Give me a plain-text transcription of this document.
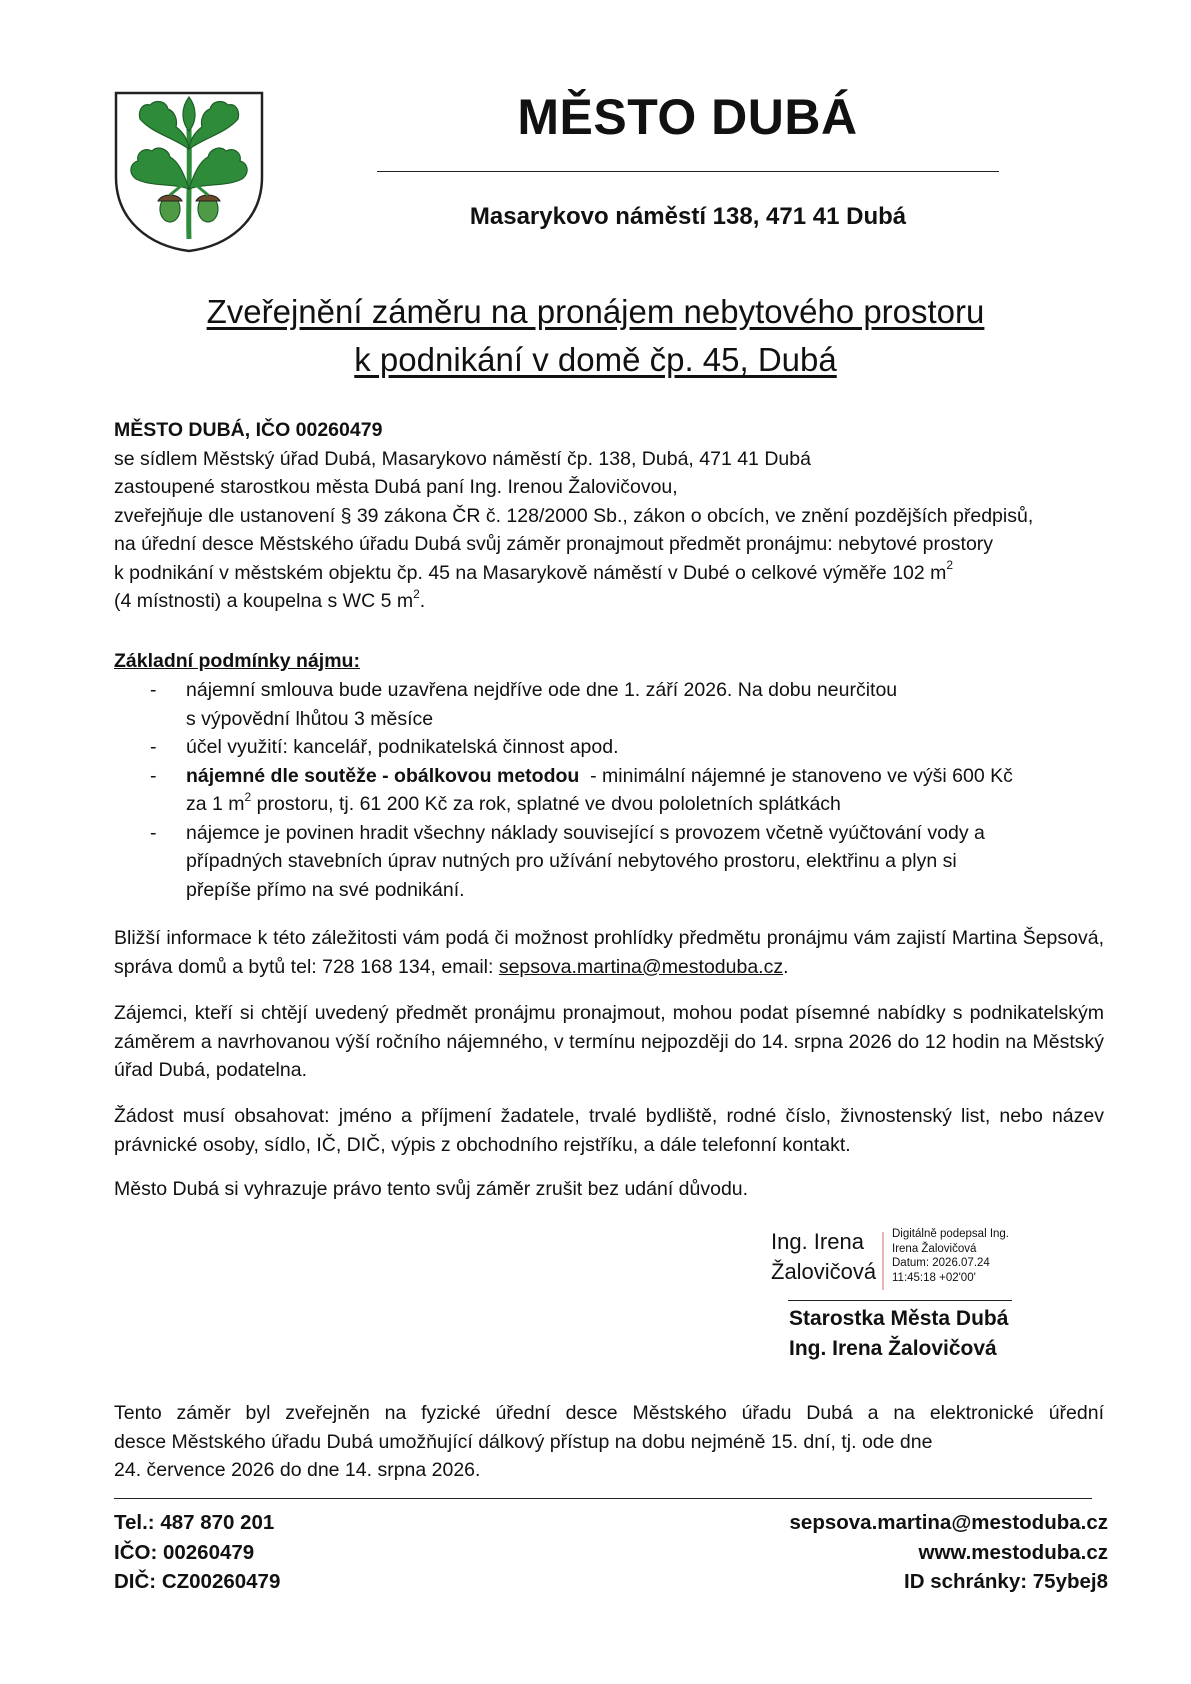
MĚSTO DUBÁ
Masarykovo náměstí 138, 471 41 Dubá
Zveřejnění záměru na pronájem nebytového prostoru
k podnikání v domě čp. 45, Dubá
MĚSTO DUBÁ, IČO 00260479
se sídlem Městský úřad Dubá, Masarykovo náměstí čp. 138, Dubá, 471 41 Dubá
zastoupené starostkou města Dubá paní Ing. Irenou Žalovičovou,
zveřejňuje dle ustanovení § 39 zákona ČR č. 128/2000 Sb., zákon o obcích, ve znění pozdějších předpisů,
na úřední desce Městského úřadu Dubá svůj záměr pronajmout předmět pronájmu: nebytové prostory
k podnikání v městském objektu čp. 45 na Masarykově náměstí v Dubé o celkové výměře 102 $m^2$
(4 místnosti) a koupelna s WC 5 $m^2$.
Základní podmínky nájmu:
- nájemní smlouva bude uzavřena nejdříve ode dne 1. září 2026. Na dobu neurčitou
s výpovědní lhůtou 3 měsíce
- účel využití: kancelář, podnikatelská činnost apod.
- nájemné dle soutěže - obálkovou metodou  - minimální nájemné je stanoveno ve výši 600 Kč
za 1 $m^2$ prostoru, tj. 61 200 Kč za rok, splatné ve dvou pololetních splátkách
- nájemce je povinen hradit všechny náklady související s provozem včetně vyúčtování vody a
případných stavebních úprav nutných pro užívání nebytového prostoru, elektřinu a plyn si
přepíše přímo na své podnikání.
Bližší informace k této záležitosti vám podá či možnost prohlídky předmětu pronájmu vám zajistí Martina Šepsová, správa domů a bytů tel: 728 168 134, email: sepsova.martina@mestoduba.cz.
Zájemci, kteří si chtějí uvedený předmět pronájmu pronajmout, mohou podat písemné nabídky s podnikatelským záměrem a navrhovanou výší ročního nájemného, v termínu nejpozději do 14. srpna 2026 do 12 hodin na Městský úřad Dubá, podatelna.
Žádost musí obsahovat: jméno a příjmení žadatele, trvalé bydliště, rodné číslo, živnostenský list, nebo název právnické osoby, sídlo, IČ, DIČ, výpis z obchodního rejstříku, a dále telefonní kontakt.
Město Dubá si vyhrazuje právo tento svůj záměr zrušit bez udání důvodu.
Ing. Irena
Žalovičová
Digitálně podepsal Ing.
Irena Žalovičová
Datum: 2026.07.24
11:45:18 +02'00'
Starostka Města Dubá
Ing. Irena Žalovičová
Tento záměr byl zveřejněn na fyzické úřední desce Městského úřadu Dubá a na elektronické úřední
desce Městského úřadu Dubá umožňující dálkový přístup na dobu nejméně 15. dní, tj. ode dne
24. července 2026 do dne 14. srpna 2026.
Tel.: 487 870 201
IČO: 00260479
DIČ: CZ00260479
sepsova.martina@mestoduba.cz
www.mestoduba.cz
ID schránky: 75ybej8
